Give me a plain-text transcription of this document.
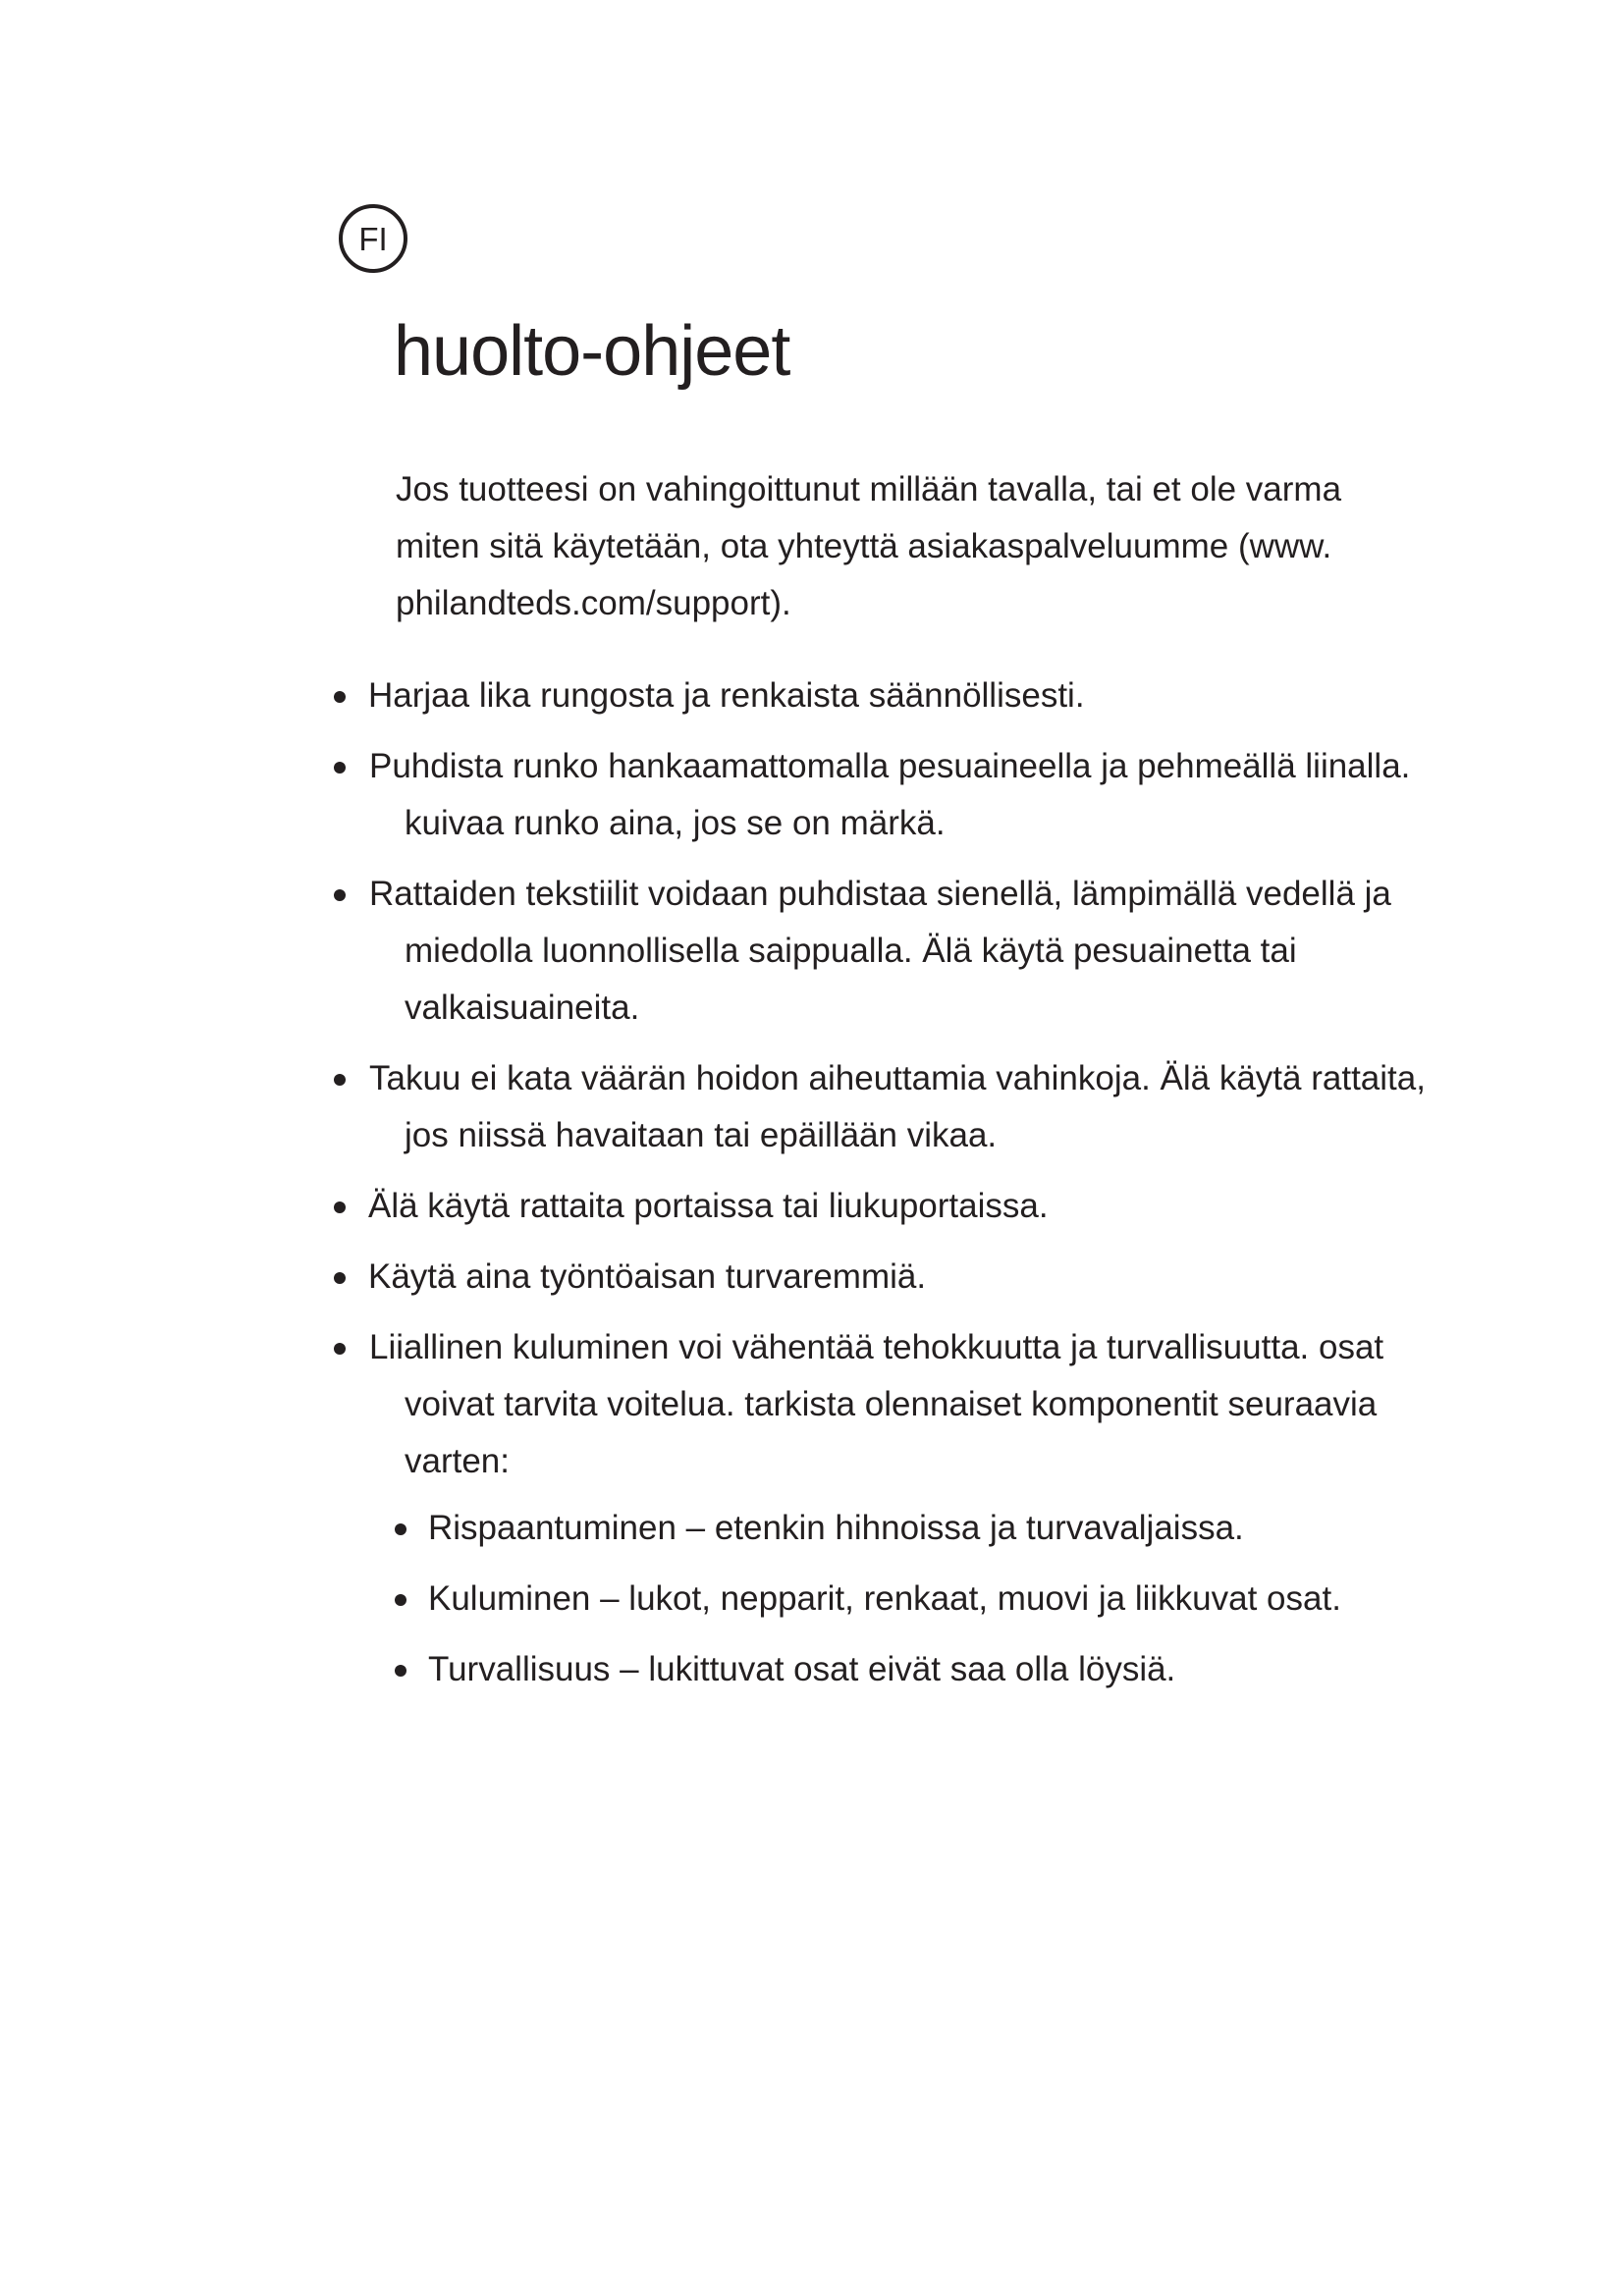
FI
huolto-ohjeet

Jos tuotteesi on vahingoittunut millään tavalla, tai et ole varma miten sitä käytetään, ota yhteyttä asiakaspalveluumme (www. philandteds.com/support).

Harjaa lika rungosta ja renkaista säännöllisesti.
Puhdista runko hankaamattomalla pesuaineella ja pehmeällä liinalla. kuivaa runko aina, jos se on märkä.
Rattaiden tekstiilit voidaan puhdistaa sienellä, lämpimällä vedellä ja miedolla luonnollisella saippualla. Älä käytä pesuainetta tai valkaisuaineita.
Takuu ei kata väärän hoidon aiheuttamia vahinkoja. Älä käytä rattaita, jos niissä havaitaan tai epäillään vikaa.
Älä käytä rattaita portaissa tai liukuportaissa.
Käytä aina työntöaisan turvaremmiä.
Liiallinen kuluminen voi vähentää tehokkuutta ja turvallisuutta. osat voivat tarvita voitelua. tarkista olennaiset komponentit seuraavia varten:
Rispaantuminen – etenkin hihnoissa ja turvavaljaissa.
Kuluminen – lukot, nepparit, renkaat, muovi ja liikkuvat osat.
Turvallisuus – lukittuvat osat eivät saa olla löysiä.
